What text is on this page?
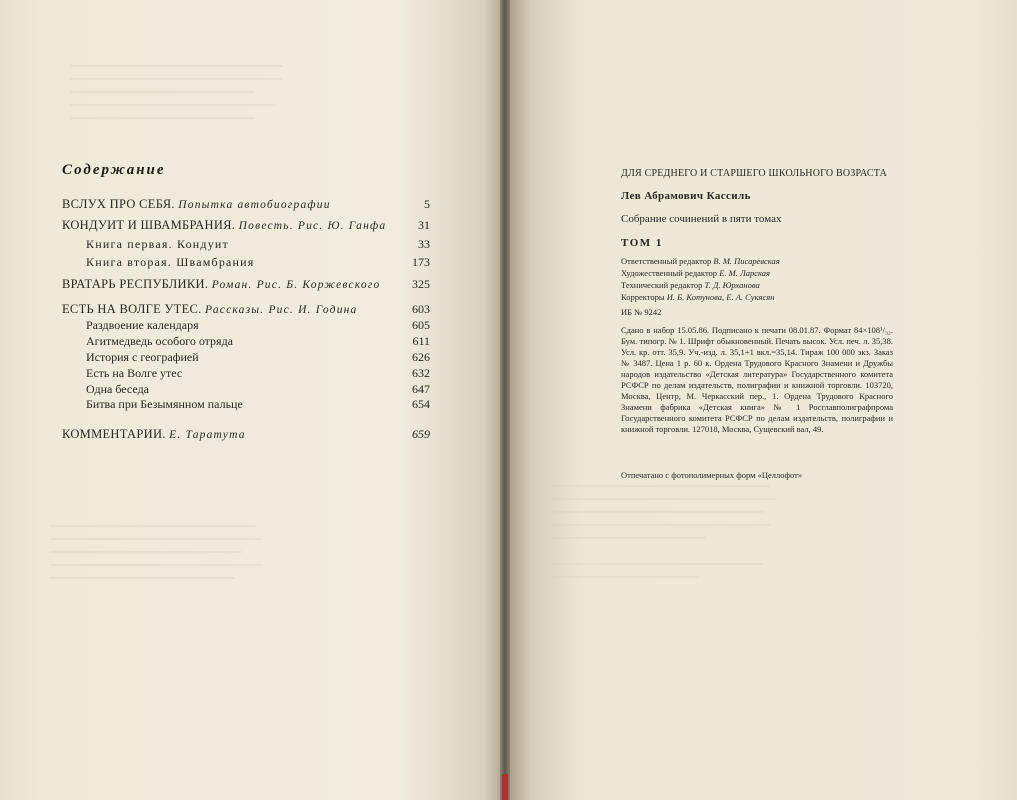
──────────────────────────────
──────────────────────────────
──────────────────────────
─────────────────────────────
──────────────────────────

─────────────────────────────
──────────────────────────────
───────────────────────────
──────────────────────────────
──────────────────────────
Содержание
ВСЛУХ ПРО СЕБЯ. Попытка автобиографии	5
КОНДУИТ И ШВАМБРАНИЯ. Повесть. Рис. Ю. Ганфа	31
Книга первая. Кондуит	33
Книга вторая. Швамбрания	173
ВРАТАРЬ РЕСПУБЛИКИ. Роман. Рис. Б. Коржевского	325
ЕСТЬ НА ВОЛГЕ УТЕС. Рассказы. Рис. И. Година	603
Раздвоение календаря	605
Агитмедведь особого отряда	611
История с географией	626
Есть на Волге утес	632
Одна беседа	647
Битва при Безымянном пальце	654
КОММЕНТАРИИ. Е. Таратута	659
───────────────────────────────
────────────────────────────────
──────────────────────────────
───────────────────────────────
──────────────────────

──────────────────────────────
─────────────────────
ДЛЯ СРЕДНЕГО И СТАРШЕГО ШКОЛЬНОГО ВОЗРАСТА
Лев Абрамович Кассиль
Собрание сочинений в пяти томах
ТОМ 1
Ответственный редактор В. М. Писаревская
Художественный редактор Е. М. Ларская
Технический редактор Т. Д. Юрханова
Корректоры И. Б. Котунова, Е. А. Сукясян
ИБ № 9242
Сдано в набор 15.05.86. Подписано к печати 08.01.87. Формат 84×108¹/₃₂. Бум. типогр. № 1. Шрифт обыкновенный. Печать высок. Усл. печ. л. 35,38. Усл. кр. отт. 35,9. Уч.-изд. л. 35,1+1 вкл.=35,14. Тираж 100 000 экз. Заказ № 3487. Цена 1 р. 60 к. Ордена Трудового Красного Знамени и Дружбы народов издательство «Детская литература» Государственного комитета РСФСР по делам издательств, полиграфии и книжной торговли. 103720, Москва, Центр, М. Черкасский пер., 1. Ордена Трудового Красного Знамени фабрика «Детская книга» № 1 Росглавполиграфпрома Государственного комитета РСФСР по делам издательств, полиграфии и книжной торговли. 127018, Москва, Сущевский вал, 49.
Отпечатано с фотополимерных форм «Целлофот»
